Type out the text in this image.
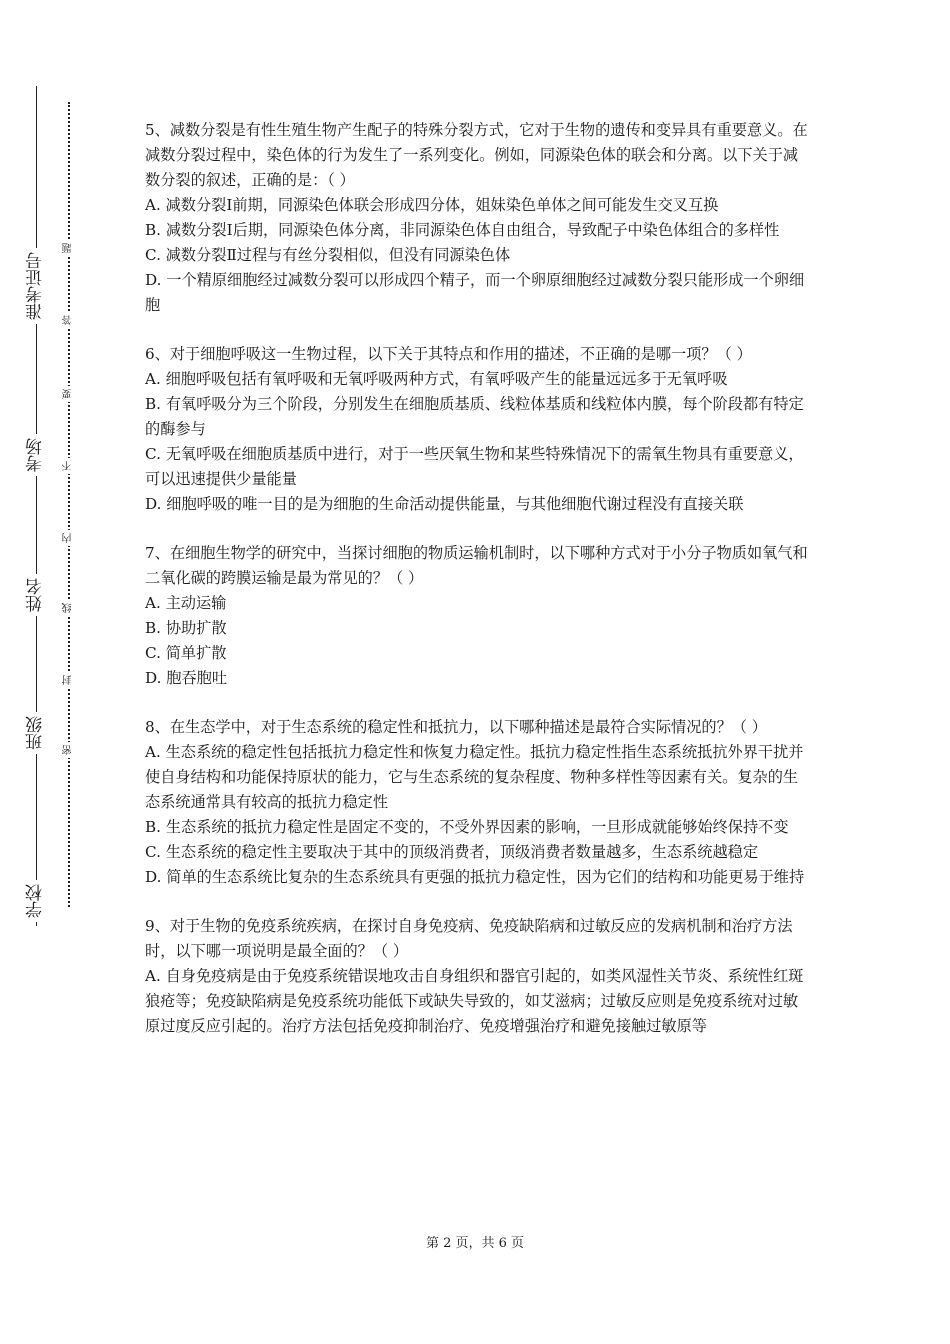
准考证号
考场
姓名
班级
学校
题
答
要
不
内
线
封
密

5、减数分裂是有性生殖生物产生配子的特殊分裂方式，它对于生物的遗传和变异具有重要意义。在减数分裂过程中，染色体的行为发生了一系列变化。例如，同源染色体的联会和分离。以下关于减数分裂的叙述，正确的是：（ ）

A. 减数分裂Ⅰ前期，同源染色体联会形成四分体，姐妹染色单体之间可能发生交叉互换

B. 减数分裂Ⅰ后期，同源染色体分离，非同源染色体自由组合，导致配子中染色体组合的多样性

C. 减数分裂Ⅱ过程与有丝分裂相似，但没有同源染色体

D. 一个精原细胞经过减数分裂可以形成四个精子，而一个卵原细胞经过减数分裂只能形成一个卵细胞

6、对于细胞呼吸这一生物过程，以下关于其特点和作用的描述，不正确的是哪一项？（ ）

A. 细胞呼吸包括有氧呼吸和无氧呼吸两种方式，有氧呼吸产生的能量远远多于无氧呼吸

B. 有氧呼吸分为三个阶段，分别发生在细胞质基质、线粒体基质和线粒体内膜，每个阶段都有特定的酶参与

C. 无氧呼吸在细胞质基质中进行，对于一些厌氧生物和某些特殊情况下的需氧生物具有重要意义，可以迅速提供少量能量

D. 细胞呼吸的唯一目的是为细胞的生命活动提供能量，与其他细胞代谢过程没有直接关联

7、在细胞生物学的研究中，当探讨细胞的物质运输机制时，以下哪种方式对于小分子物质如氧气和二氧化碳的跨膜运输是最为常见的？（ ）

A. 主动运输

B. 协助扩散

C. 简单扩散

D. 胞吞胞吐

8、在生态学中，对于生态系统的稳定性和抵抗力，以下哪种描述是最符合实际情况的？（ ）

A. 生态系统的稳定性包括抵抗力稳定性和恢复力稳定性。抵抗力稳定性指生态系统抵抗外界干扰并使自身结构和功能保持原状的能力，它与生态系统的复杂程度、物种多样性等因素有关。复杂的生态系统通常具有较高的抵抗力稳定性

B. 生态系统的抵抗力稳定性是固定不变的，不受外界因素的影响，一旦形成就能够始终保持不变

C. 生态系统的稳定性主要取决于其中的顶级消费者，顶级消费者数量越多，生态系统越稳定

D. 简单的生态系统比复杂的生态系统具有更强的抵抗力稳定性，因为它们的结构和功能更易于维持

9、对于生物的免疫系统疾病，在探讨自身免疫病、免疫缺陷病和过敏反应的发病机制和治疗方法时，以下哪一项说明是最全面的？（ ）

A. 自身免疫病是由于免疫系统错误地攻击自身组织和器官引起的，如类风湿性关节炎、系统性红斑狼疮等；免疫缺陷病是免疫系统功能低下或缺失导致的，如艾滋病；过敏反应则是免疫系统对过敏原过度反应引起的。治疗方法包括免疫抑制治疗、免疫增强治疗和避免接触过敏原等

第 2 页，共 6 页
